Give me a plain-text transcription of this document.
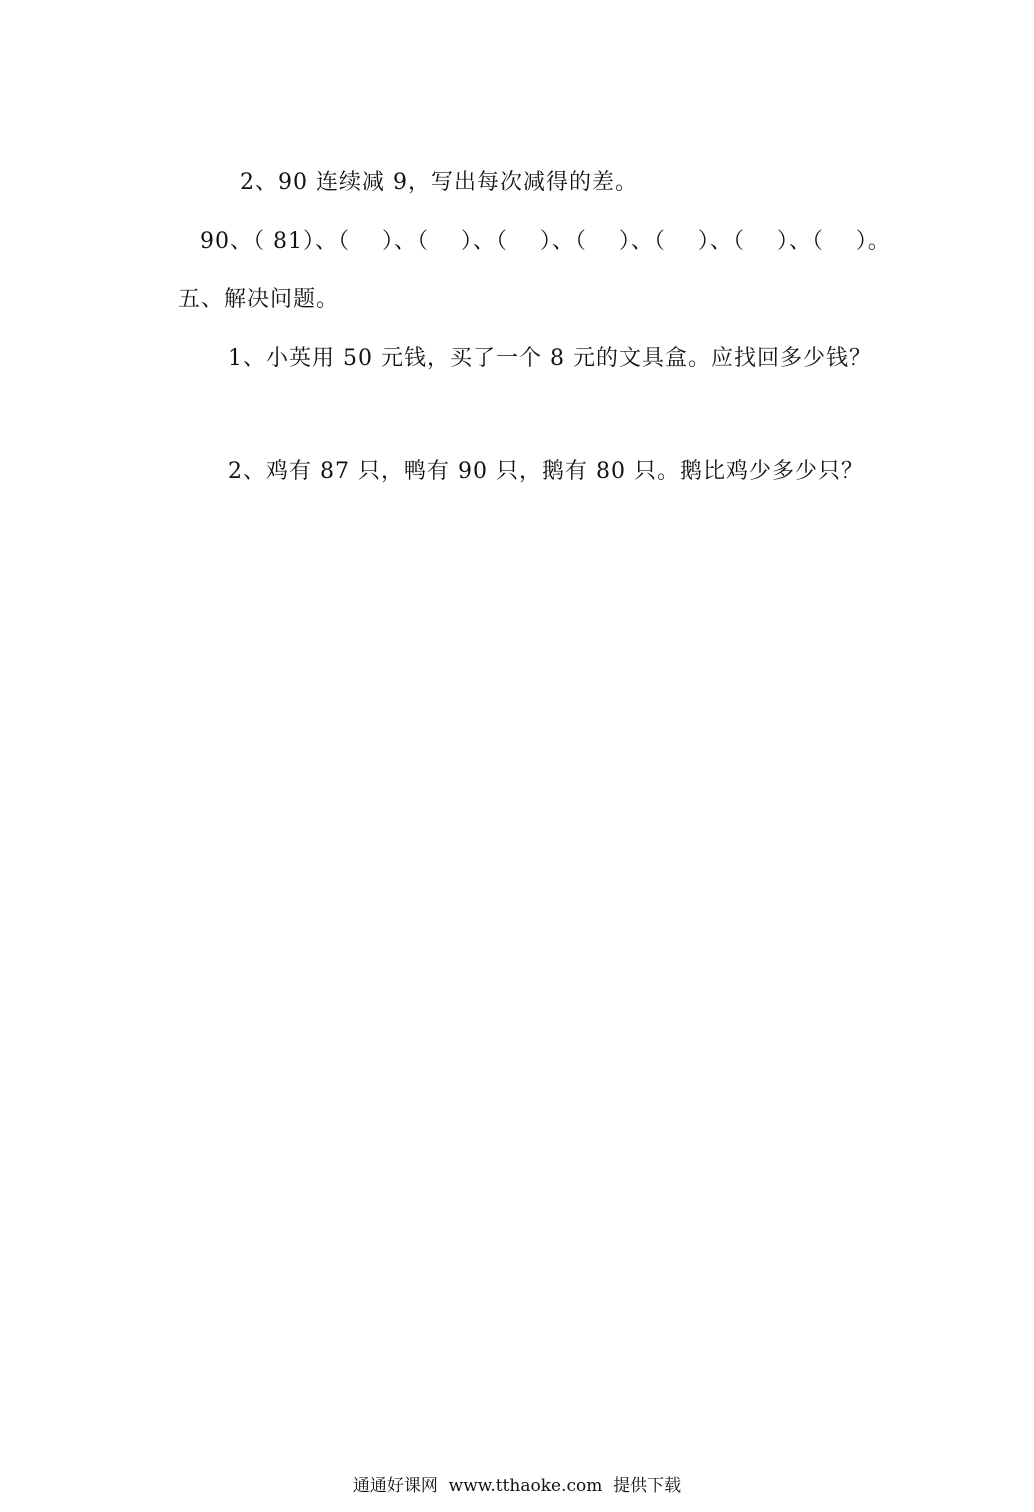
2、90 连续减 9，写出每次减得的差。
90、（ 81）、（    ）、（    ）、（    ）、（    ）、（    ）、（    ）、（    ）。
五、解决问题。
1、小英用 50 元钱，买了一个 8 元的文具盒。应找回多少钱？
2、鸡有 87 只，鸭有 90 只，鹅有 80 只。鹅比鸡少多少只？
通通好课网  www.tthaoke.com  提供下载
